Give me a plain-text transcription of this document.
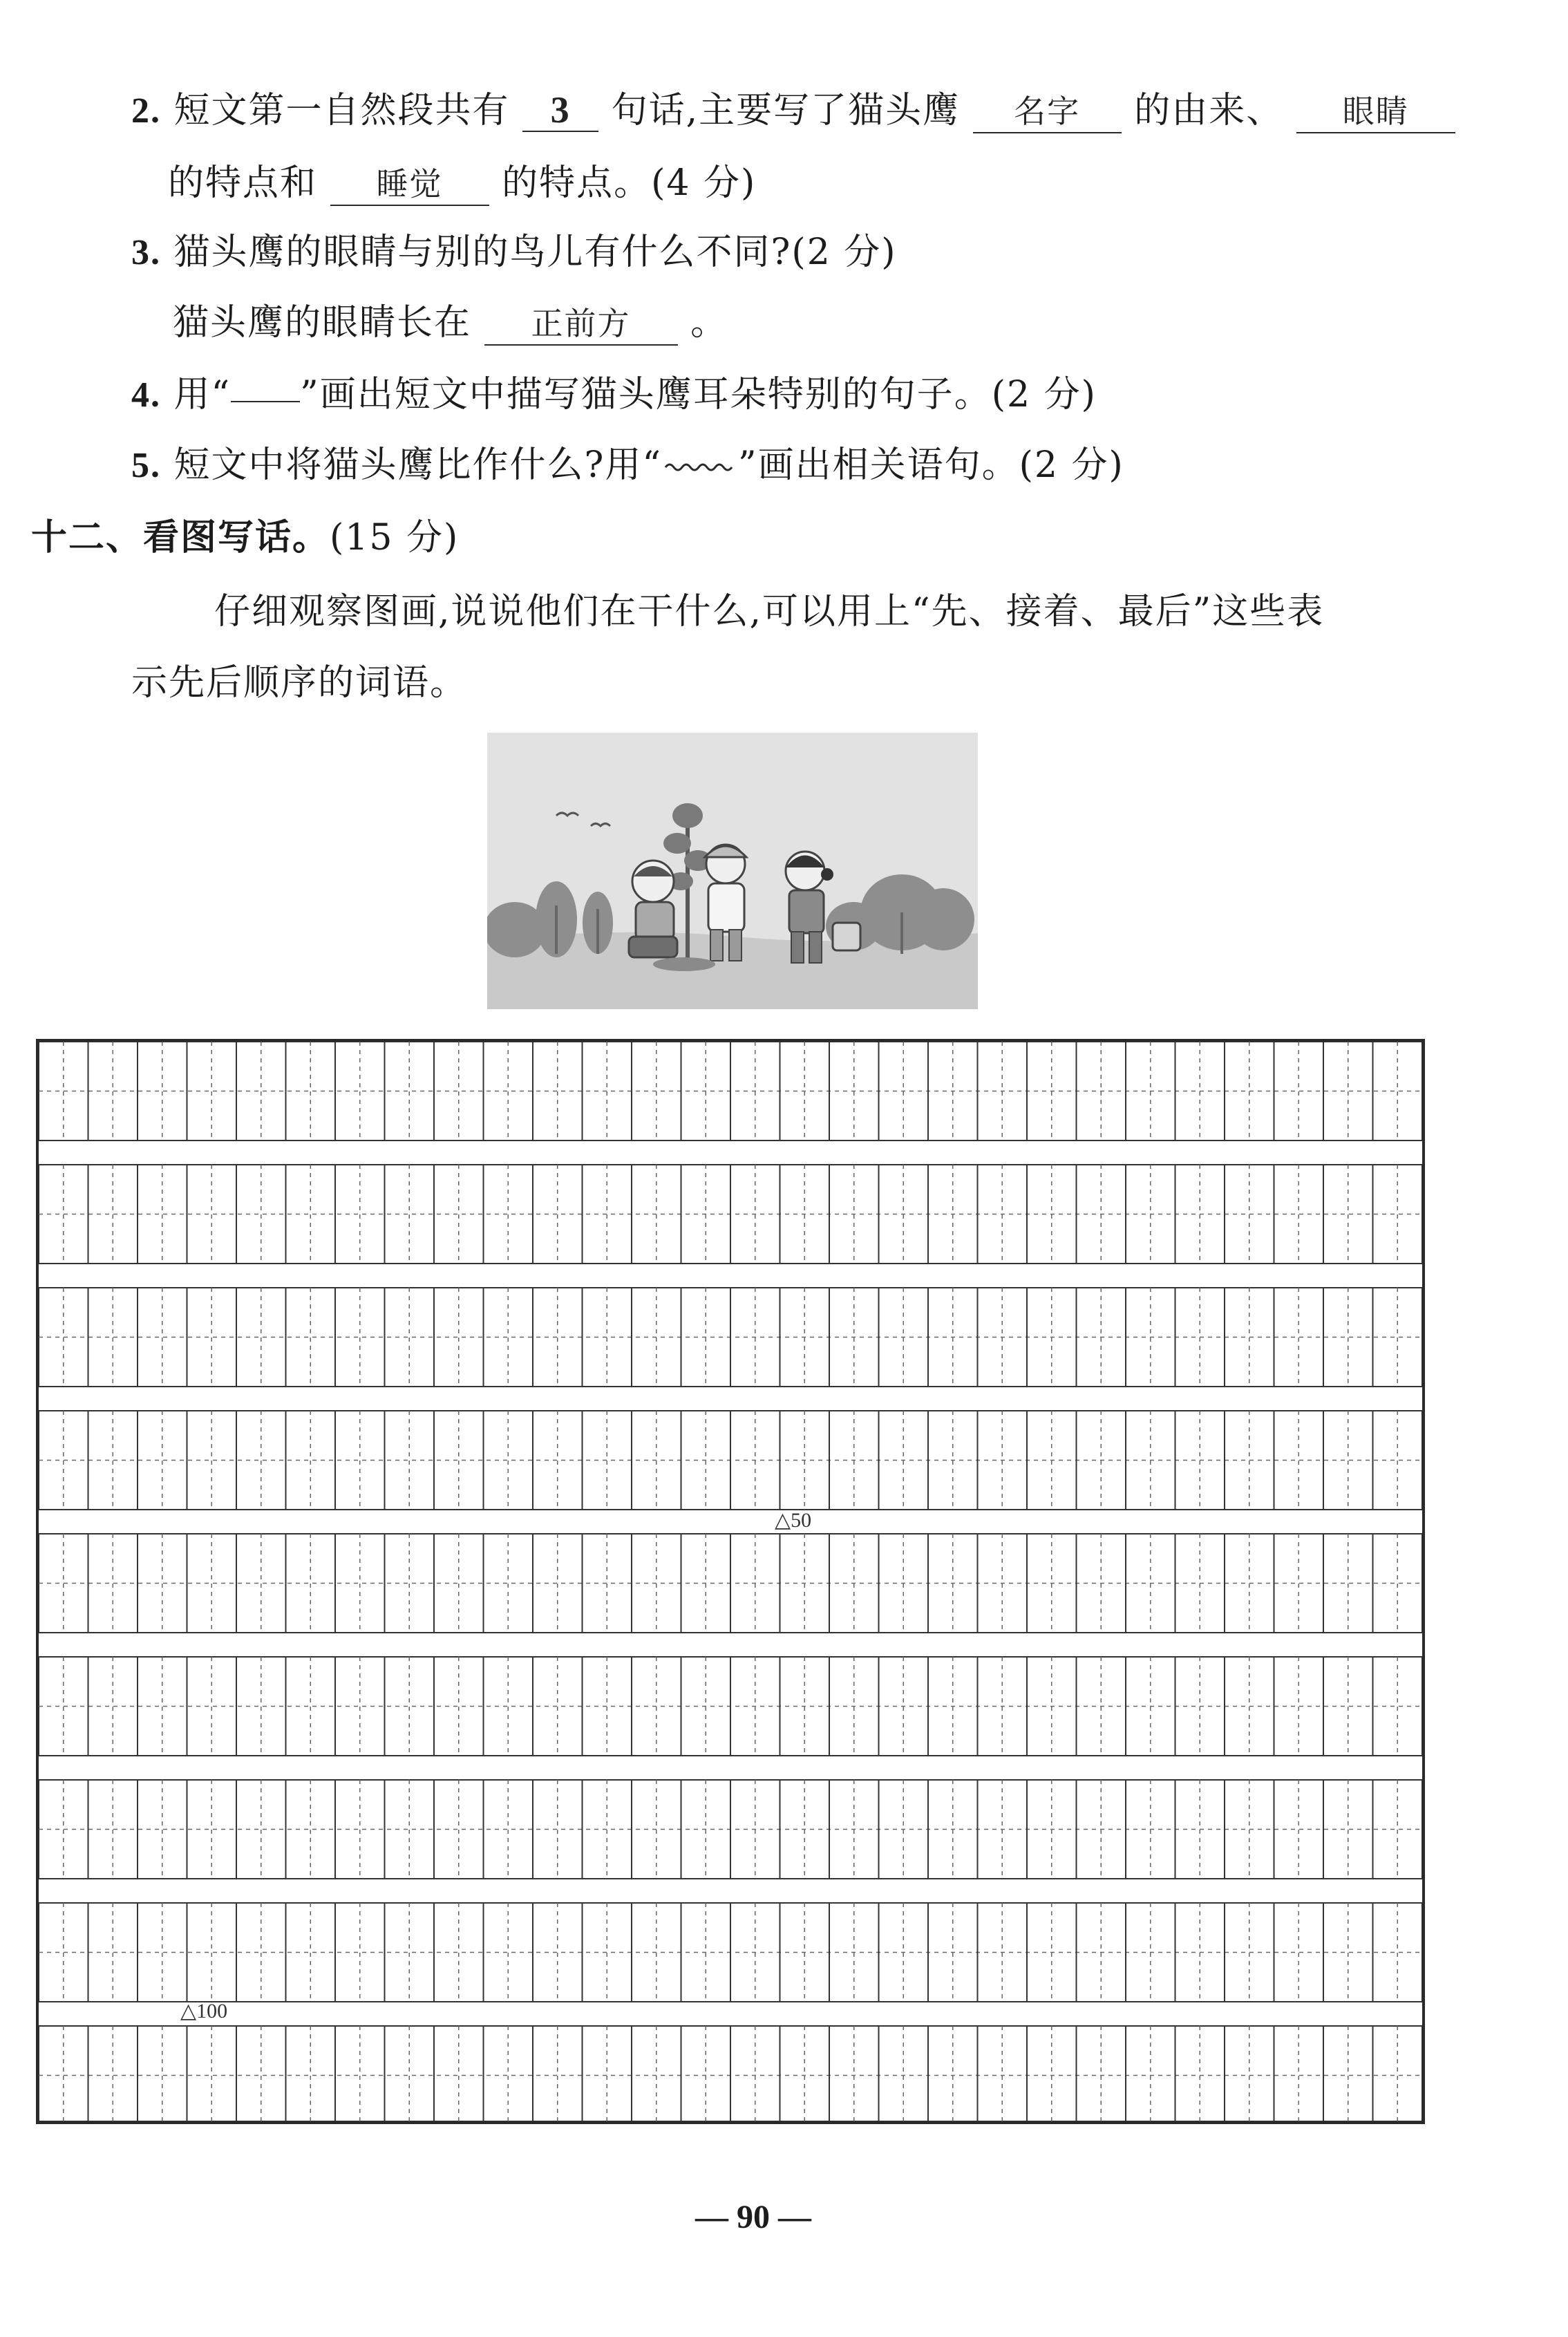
2. 短文第一自然段共有 3 句话,主要写了猫头鹰 名字 的由来、 眼睛
的特点和 睡觉 的特点。(4 分)
3. 猫头鹰的眼睛与别的鸟儿有什么不同?(2 分)
猫头鹰的眼睛长在 正前方 。
4. 用“ ”画出短文中描写猫头鹰耳朵特别的句子。(2 分)
5. 短文中将猫头鹰比作什么?用“ ”画出相关语句。(2 分)
十二、看图写话。(15 分)
仔细观察图画,说说他们在干什么,可以用上“先、接着、最后”这些表
示先后顺序的词语。
△50
△100
— 90 —
